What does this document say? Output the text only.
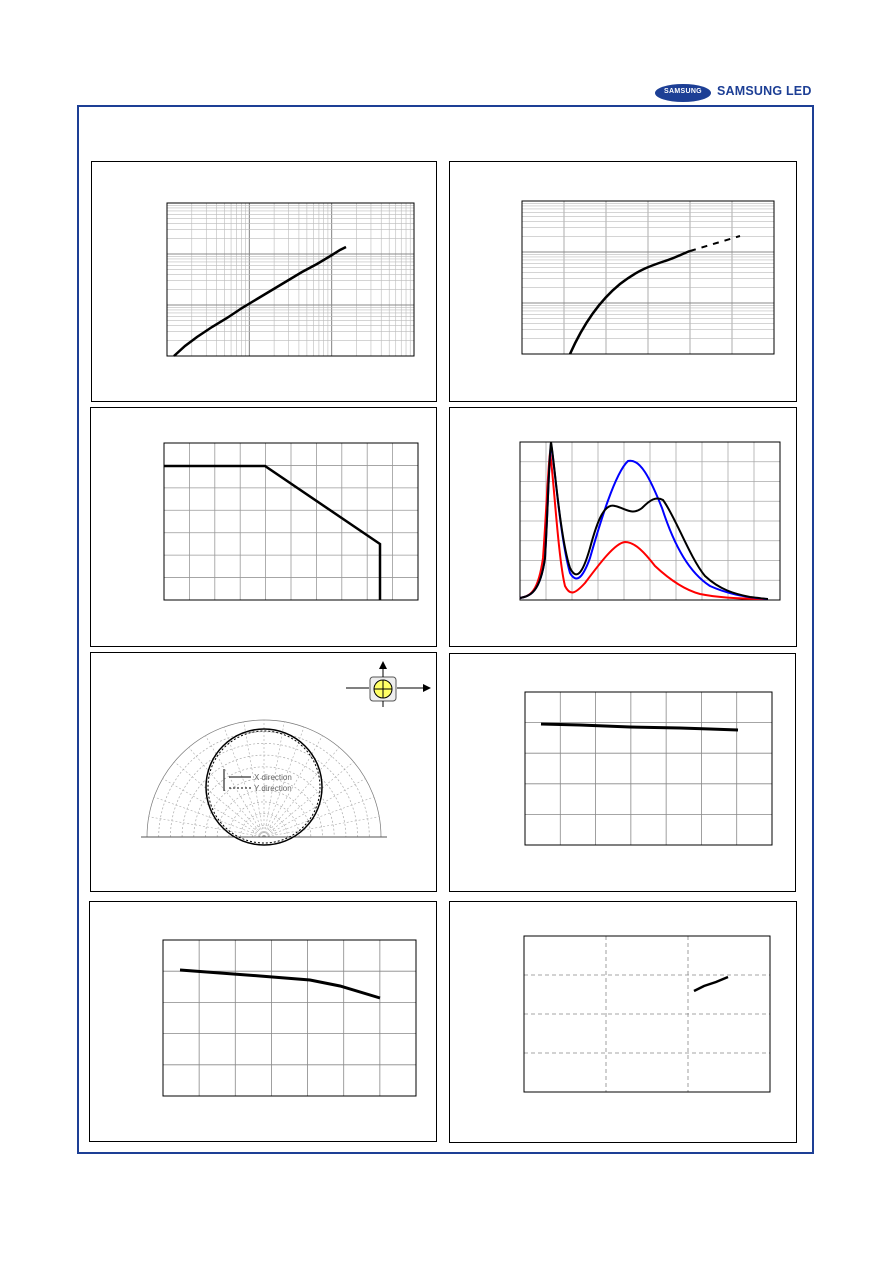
SAMSUNG	SAMSUNG LED
X direction
Y direction
